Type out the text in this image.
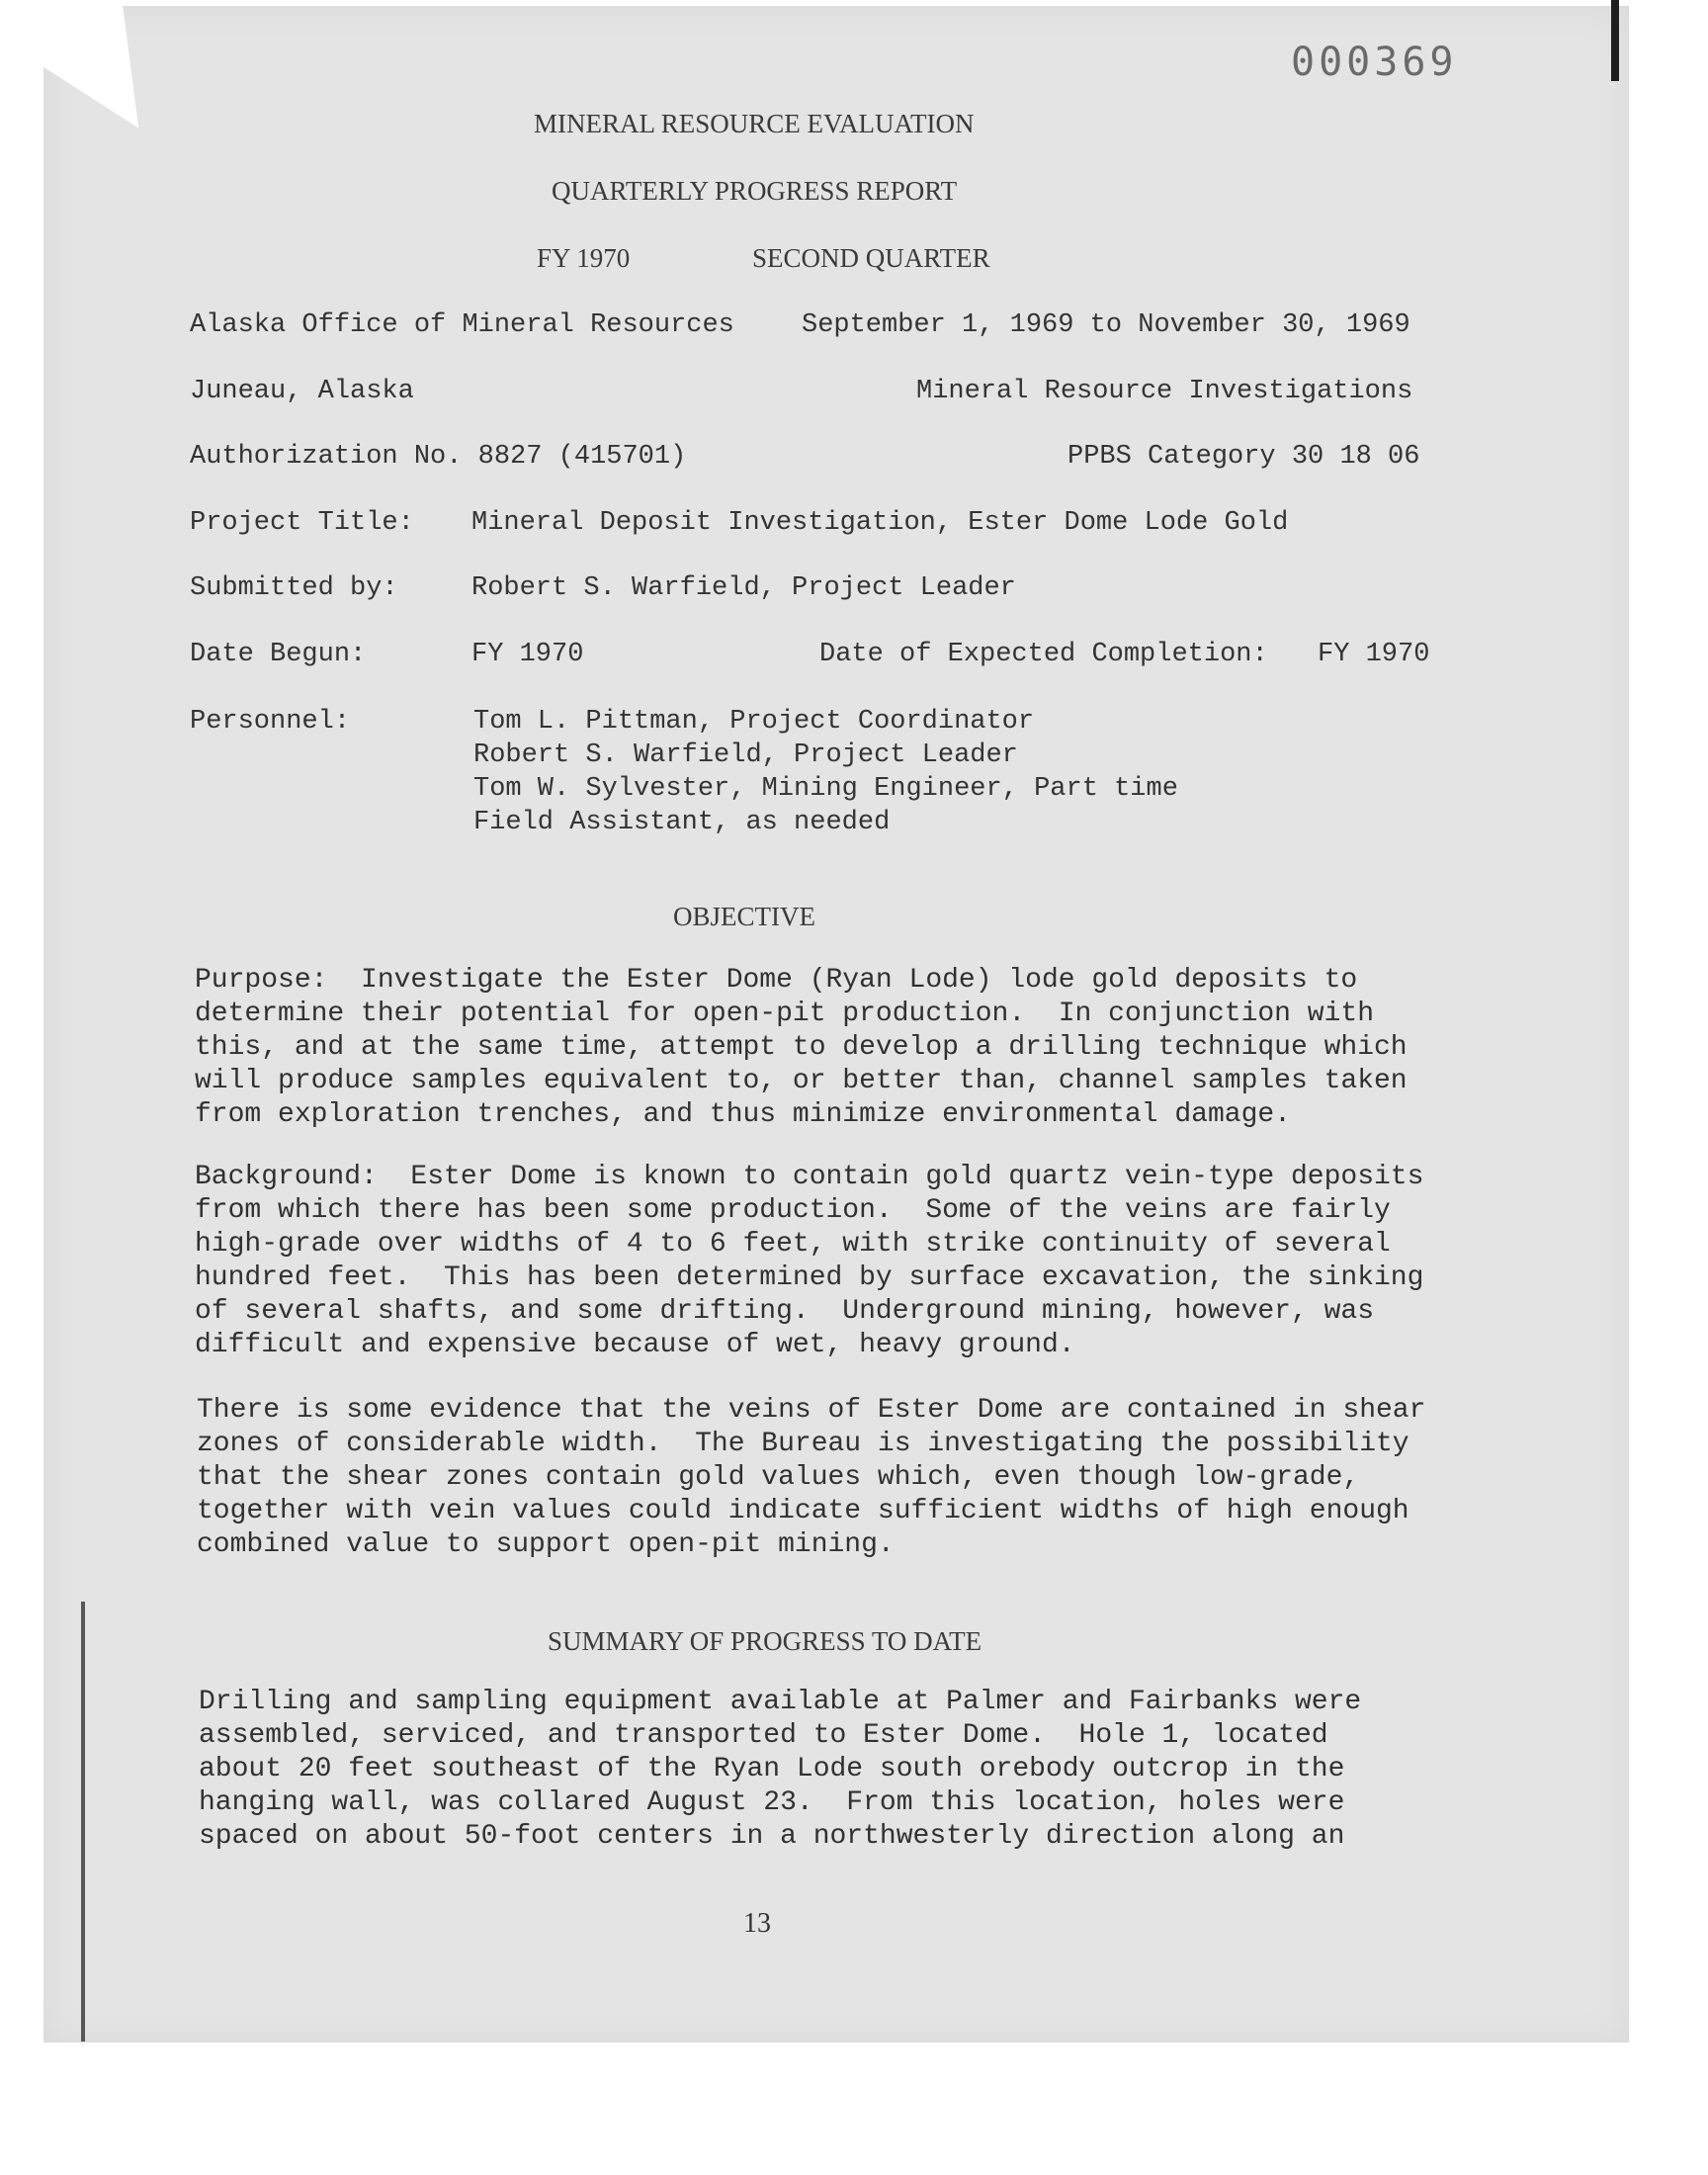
000369
MINERAL RESOURCE EVALUATION
QUARTERLY PROGRESS REPORT
FY 1970	SECOND QUARTER
Alaska Office of Mineral Resources	September 1, 1969 to November 30, 1969
Juneau, Alaska	Mineral Resource Investigations
Authorization No. 8827 (415701)	PPBS Category 30 18 06
Project Title: Mineral Deposit Investigation, Ester Dome Lode Gold
Submitted by:	Robert S. Warfield, Project Leader
Date Begun:	FY 1970	Date of Expected Completion: FY 1970
Personnel:	Tom L. Pittman, Project Coordinator
Robert S. Warfield, Project Leader
Tom W. Sylvester, Mining Engineer, Part time
Field Assistant, as needed
OBJECTIVE
Purpose:  Investigate the Ester Dome (Ryan Lode) lode gold deposits to
determine their potential for open-pit production.  In conjunction with
this, and at the same time, attempt to develop a drilling technique which
will produce samples equivalent to, or better than, channel samples taken
from exploration trenches, and thus minimize environmental damage.
Background:  Ester Dome is known to contain gold quartz vein-type deposits
from which there has been some production.  Some of the veins are fairly
high-grade over widths of 4 to 6 feet, with strike continuity of several
hundred feet.  This has been determined by surface excavation, the sinking
of several shafts, and some drifting.  Underground mining, however, was
difficult and expensive because of wet, heavy ground.
There is some evidence that the veins of Ester Dome are contained in shear
zones of considerable width.  The Bureau is investigating the possibility
that the shear zones contain gold values which, even though low-grade,
together with vein values could indicate sufficient widths of high enough
combined value to support open-pit mining.
SUMMARY OF PROGRESS TO DATE
Drilling and sampling equipment available at Palmer and Fairbanks were
assembled, serviced, and transported to Ester Dome.  Hole 1, located
about 20 feet southeast of the Ryan Lode south orebody outcrop in the
hanging wall, was collared August 23.  From this location, holes were
spaced on about 50-foot centers in a northwesterly direction along an
13
